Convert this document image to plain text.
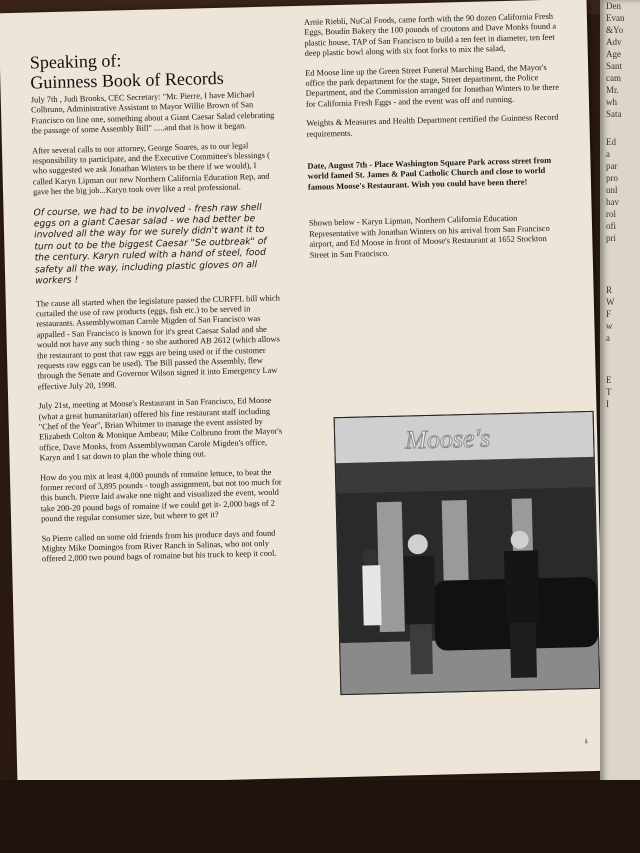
Speaking of:
Guinness Book of Records

July 7th , Judi Brooks, CEC Secretary: "Mr. Pierre, I have Michael Colbruno, Administrative Assistant to Mayor Willie Brown of San Francisco on line one, something about a Giant Caesar Salad celebrating the passage of some Assembly Bill" .....and that is how it began.

After several calls to our attorney, George Soares, as to our legal responsibility to participate, and the Executive Committee's blessings ( who suggested we ask Jonathan Winters to be there if we would), I called Karyn Lipman our new Northern California Education Rep, and gave her the big job...Karyn took over like a real professional.

Of course, we had to be involved - fresh raw shell eggs on a giant Caesar salad - we had better be involved all the way for we surely didn't want it to turn out to be the biggest Caesar "Se outbreak" of the century. Karyn ruled with a hand of steel, food safety all the way, including plastic gloves on all workers !

The cause all started when the legislature passed the CURFFL bill which curtailed the use of raw products (eggs, fish etc.) to be served in restaurants. Assemblywoman Carole Migden of San Francisco was appalled - San Francisco is known for it's great Caesar Salad and she would not have any such thing - so she authored AB 2612 (which allows the restaurant to post that raw eggs are being used or if the customer requests raw eggs can be used). The Bill passed the Assembly, flew through the Senate and Governor Wilson signed it into Emergency Law effective July 20, 1998.

July 21st, meeting at Moose's Restaurant in San Francisco, Ed Moose (what a great humanitarian) offered his fine restaurant staff including "Chef of the Year", Brian Whitmer to manage the event assisted by Elizabeth Colton & Monique Ambeau; Mike Colbruno from the Mayor's office, Dave Monks, from Assemblywoman Carole Migden's office, Karyn and I sat down to plan the whole thing out.

How do you mix at least 4,000 pounds of romaine lettuce, to beat the former record of 3,895 pounds - tough assignment, but not too much for this bunch. Pierre laid awake one night and visualized the event, would take 200-20 pound bags of romaine if we could get it- 2,000 bags of 2 pound the regular consumer size, but where to get it?

So Pierre called on some old friends from his produce days and found Mighty Mike Domingos from River Ranch in Salinas, who not only offered 2,000 two pound bags of romaine but his truck to keep it cool.

Arnie Riebli, NuCal Foods, came forth with the 90 dozen California Fresh Eggs, Boudin Bakery the 100 pounds of croutons and Dave Monks found a plastic house, TAP of San Francisco to build a ten feet in diameter, ten feet deep plastic bowl along with six foot forks to mix the salad,

Ed Moose line up the Green Street Funeral Marching Band, the Mayor's office the park department for the stage, Street department, the Police Department, and the Commission arranged for Jonathan Winters to be there for California Fresh Eggs - and the event was off and running.

Weights & Measures and Health Department certified the Guinness Record requirements.

Date, August 7th - Place Washington Square Park across street from world famed St. James & Paul Catholic Church and close to world famous Moose's Restaurant. Wish you could have been there!

Shown below - Karyn Lipman, Northern California Education Representative with Jonathan Winters on his arrival from San Francisco airport, and Ed Moose in front of Moose's Restaurant at 1652 Stockton Street in San Francisco.

Moose's
ä
Den
Evan
&Yo
Adv
Age
Sant
cam
Mr.
wh
Sata
Ed
a
par
pro
unl
hav
rol
ofi
pri
R
W
F
w
a
E
T
I
